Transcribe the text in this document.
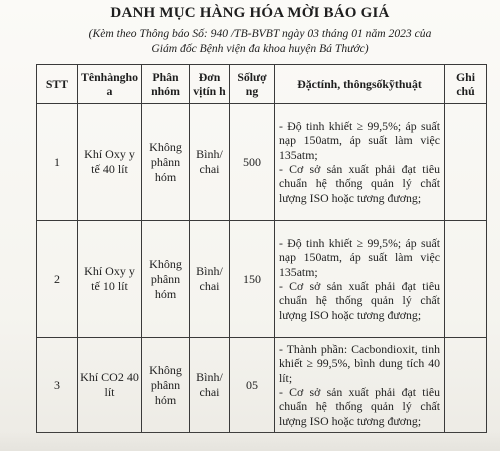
DANH MỤC HÀNG HÓA MỜI BÁO GIÁ
(Kèm theo Thông báo Số: 940 /TB-BVBT ngày 03 tháng 01 năm 2023 của
Giám đốc Bệnh viện đa khoa huyện Bá Thước)
STT	Tênhàngho a	Phân nhóm	Đơn vịtín h	Sốlượ ng	Đặctính, thôngsốkỹthuật	Ghi chú
1	Khí Oxy y tế 40 lít	Không phânn hóm	Bình/ chai	500	- Độ tinh khiết ≥ 99,5%; áp suất nạp 150atm, áp suất làm việc 135atm;
- Cơ sở sản xuất phải đạt tiêu chuẩn hệ thống quản lý chất lượng ISO hoặc tương đương;	

2	Khí Oxy y tế 10 lít	Không phânn hóm	Bình/ chai	150	- Độ tinh khiết ≥ 99,5%; áp suất nạp 150atm, áp suất làm việc 135atm;
- Cơ sở sản xuất phải đạt tiêu chuẩn hệ thống quản lý chất lượng ISO hoặc tương đương;	

3	Khí CO2 40 lít	Không phânn hóm	Bình/ chai	05	- Thành phần: Cacbondioxit, tinh khiết ≥ 99,5%, bình dung tích 40 lít;
- Cơ sở sản xuất phải đạt tiêu chuẩn hệ thống quản lý chất lượng ISO hoặc tương đương;	
